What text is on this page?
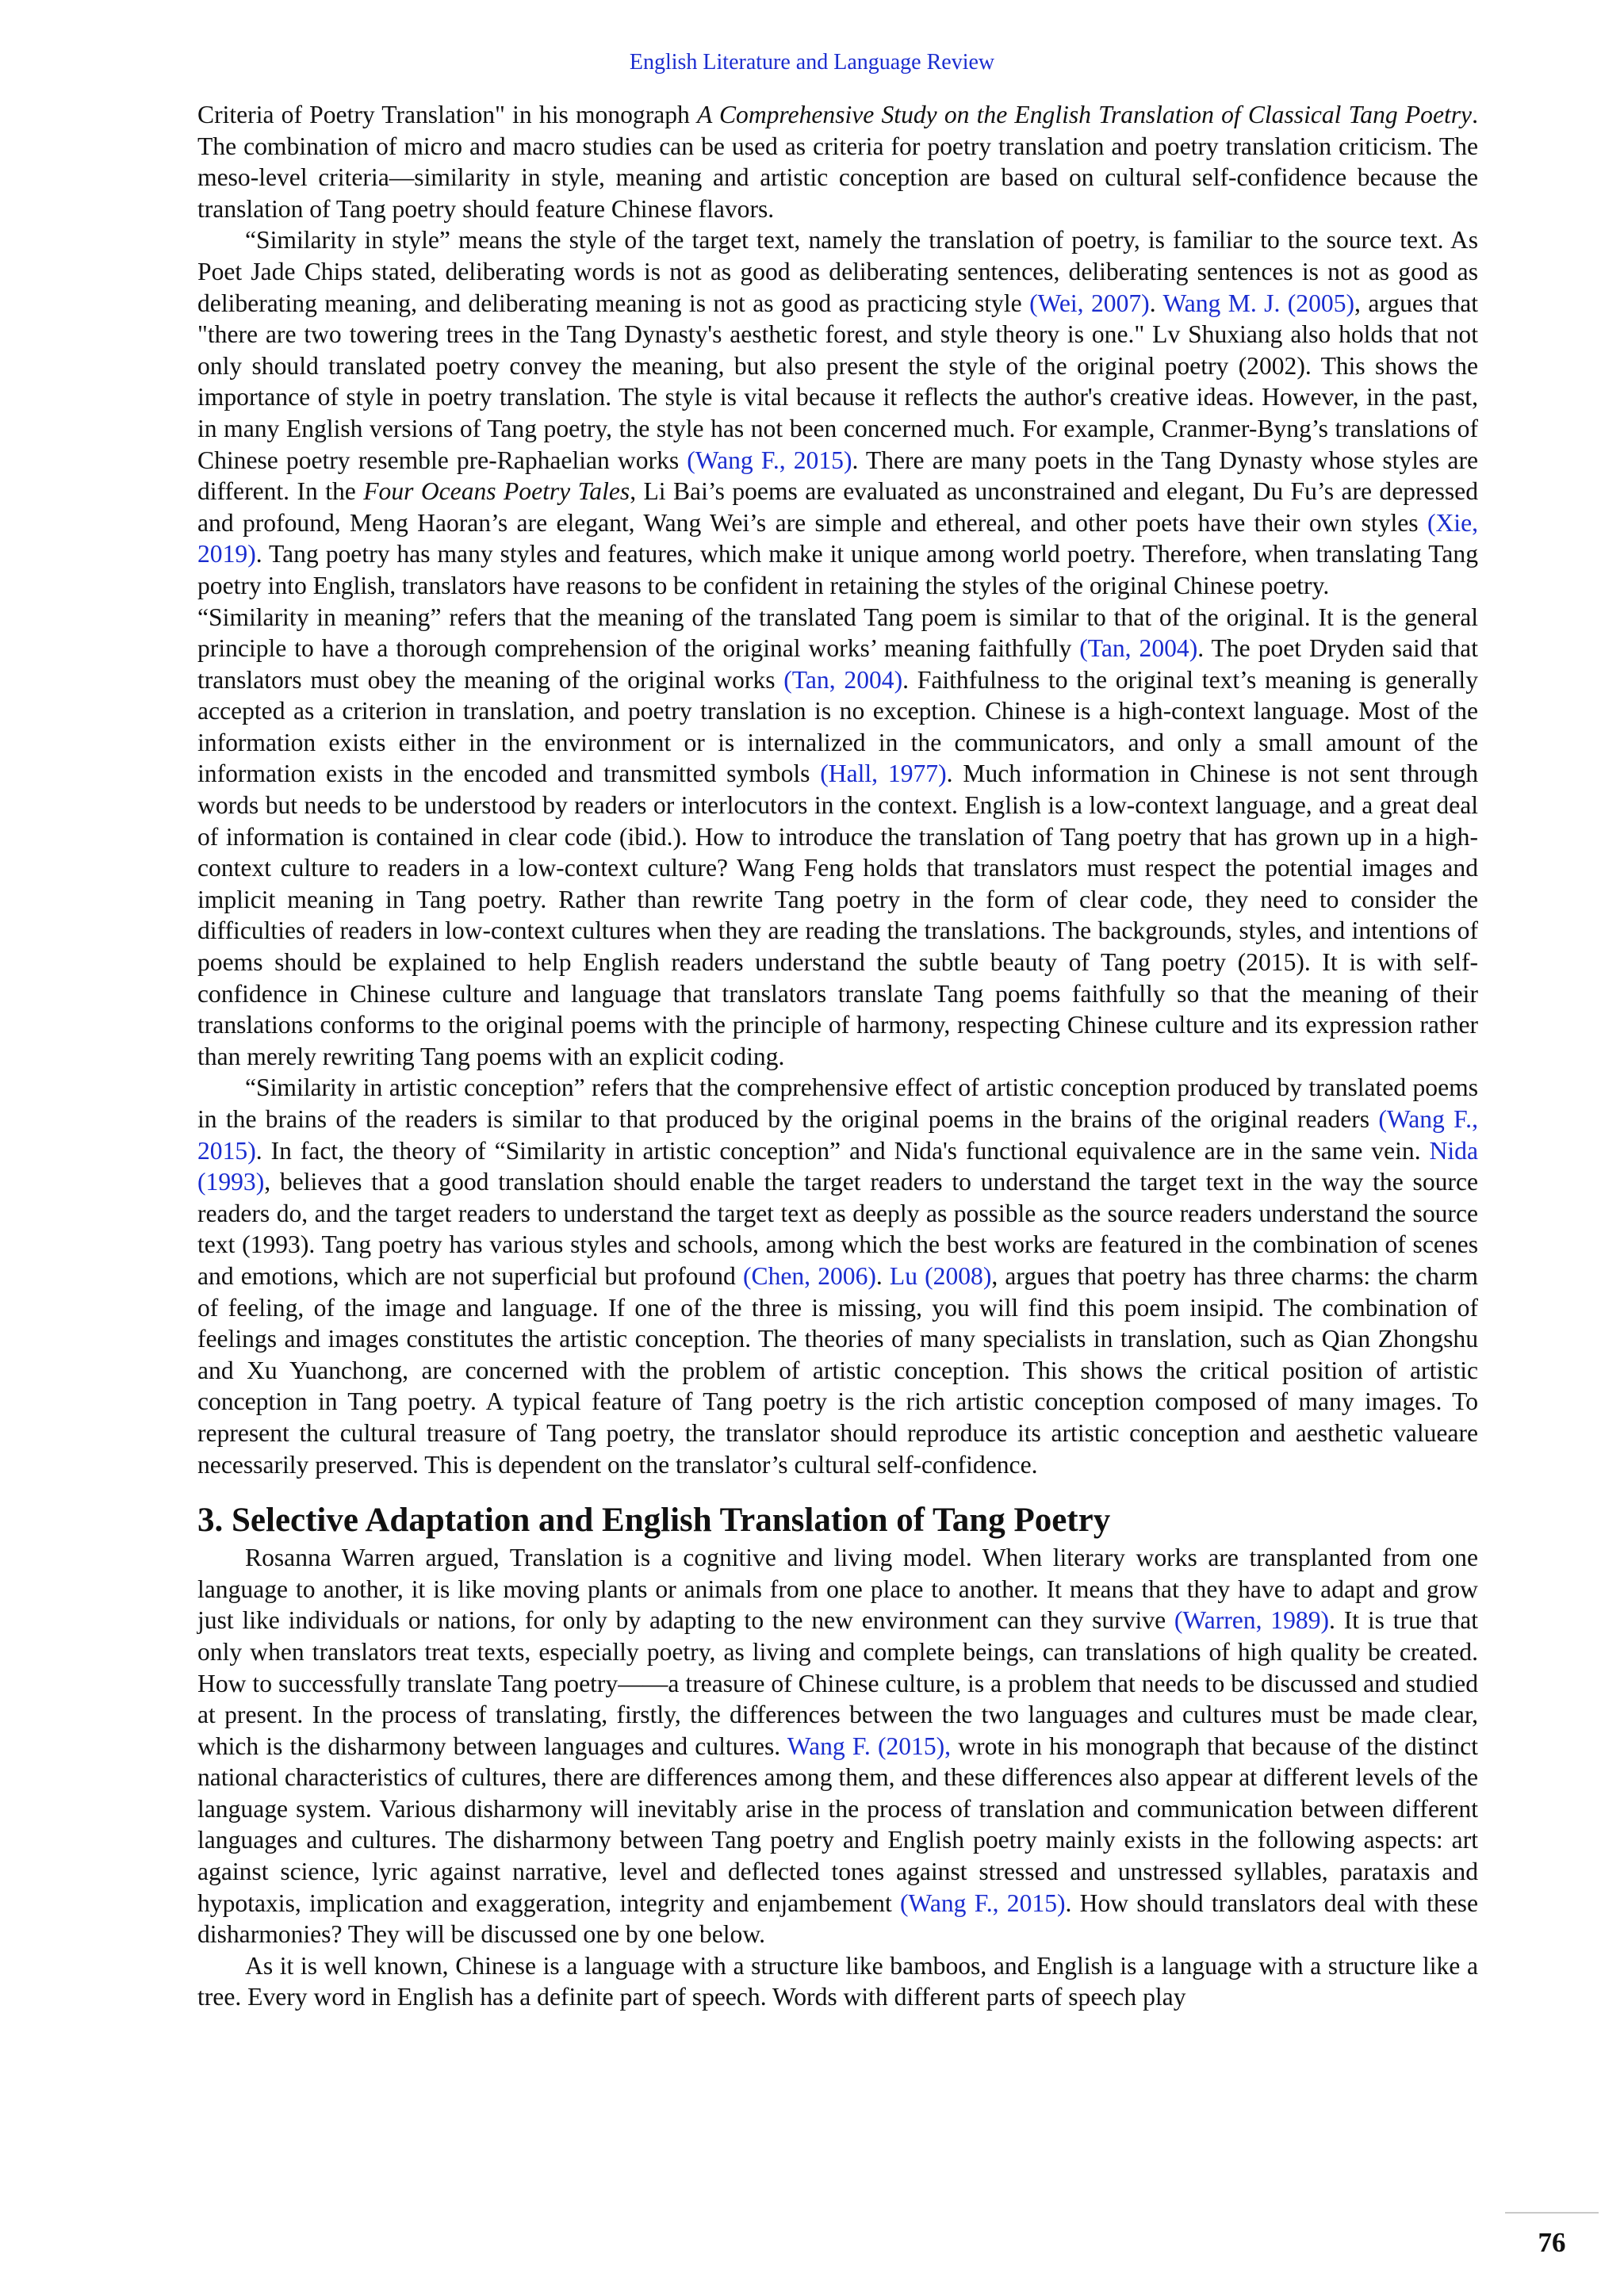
English Literature and Language Review

Criteria of Poetry Translation" in his monograph A Comprehensive Study on the English Translation of Classical Tang Poetry. The combination of micro and macro studies can be used as criteria for poetry translation and poetry translation criticism. The meso-level criteria—similarity in style, meaning and artistic conception are based on cultural self-confidence because the translation of Tang poetry should feature Chinese flavors.

“Similarity in style” means the style of the target text, namely the translation of poetry, is familiar to the source text. As Poet Jade Chips stated, deliberating words is not as good as deliberating sentences, deliberating sentences is not as good as deliberating meaning, and deliberating meaning is not as good as practicing style (Wei, 2007). Wang M. J. (2005), argues that "there are two towering trees in the Tang Dynasty's aesthetic forest, and style theory is one." Lv Shuxiang also holds that not only should translated poetry convey the meaning, but also present the style of the original poetry (2002). This shows the importance of style in poetry translation. The style is vital because it reflects the author's creative ideas. However, in the past, in many English versions of Tang poetry, the style has not been concerned much. For example, Cranmer-Byng’s translations of Chinese poetry resemble pre-Raphaelian works (Wang F., 2015). There are many poets in the Tang Dynasty whose styles are different. In the Four Oceans Poetry Tales, Li Bai’s poems are evaluated as unconstrained and elegant, Du Fu’s are depressed and profound, Meng Haoran’s are elegant, Wang Wei’s are simple and ethereal, and other poets have their own styles (Xie, 2019). Tang poetry has many styles and features, which make it unique among world poetry. Therefore, when translating Tang poetry into English, translators have reasons to be confident in retaining the styles of the original Chinese poetry.

“Similarity in meaning” refers that the meaning of the translated Tang poem is similar to that of the original. It is the general principle to have a thorough comprehension of the original works’ meaning faithfully (Tan, 2004). The poet Dryden said that translators must obey the meaning of the original works (Tan, 2004). Faithfulness to the original text’s meaning is generally accepted as a criterion in translation, and poetry translation is no exception. Chinese is a high-context language. Most of the information exists either in the environment or is internalized in the communicators, and only a small amount of the information exists in the encoded and transmitted symbols (Hall, 1977). Much information in Chinese is not sent through words but needs to be understood by readers or interlocutors in the context. English is a low-context language, and a great deal of information is contained in clear code (ibid.). How to introduce the translation of Tang poetry that has grown up in a high-context culture to readers in a low-context culture? Wang Feng holds that translators must respect the potential images and implicit meaning in Tang poetry. Rather than rewrite Tang poetry in the form of clear code, they need to consider the difficulties of readers in low-context cultures when they are reading the translations. The backgrounds, styles, and intentions of poems should be explained to help English readers understand the subtle beauty of Tang poetry (2015). It is with self-confidence in Chinese culture and language that translators translate Tang poems faithfully so that the meaning of their translations conforms to the original poems with the principle of harmony, respecting Chinese culture and its expression rather than merely rewriting Tang poems with an explicit coding.

“Similarity in artistic conception” refers that the comprehensive effect of artistic conception produced by translated poems in the brains of the readers is similar to that produced by the original poems in the brains of the original readers (Wang F., 2015). In fact, the theory of “Similarity in artistic conception” and Nida's functional equivalence are in the same vein. Nida (1993), believes that a good translation should enable the target readers to understand the target text in the way the source readers do, and the target readers to understand the target text as deeply as possible as the source readers understand the source text (1993). Tang poetry has various styles and schools, among which the best works are featured in the combination of scenes and emotions, which are not superficial but profound (Chen, 2006). Lu (2008), argues that poetry has three charms: the charm of feeling, of the image and language. If one of the three is missing, you will find this poem insipid. The combination of feelings and images constitutes the artistic conception. The theories of many specialists in translation, such as Qian Zhongshu and Xu Yuanchong, are concerned with the problem of artistic conception. This shows the critical position of artistic conception in Tang poetry. A typical feature of Tang poetry is the rich artistic conception composed of many images. To represent the cultural treasure of Tang poetry, the translator should reproduce its artistic conception and aesthetic valueare necessarily preserved. This is dependent on the translator’s cultural self-confidence.

3. Selective Adaptation and English Translation of Tang Poetry

Rosanna Warren argued, Translation is a cognitive and living model. When literary works are transplanted from one language to another, it is like moving plants or animals from one place to another. It means that they have to adapt and grow just like individuals or nations, for only by adapting to the new environment can they survive (Warren, 1989). It is true that only when translators treat texts, especially poetry, as living and complete beings, can translations of high quality be created. How to successfully translate Tang poetry——a treasure of Chinese culture, is a problem that needs to be discussed and studied at present. In the process of translating, firstly, the differences between the two languages and cultures must be made clear, which is the disharmony between languages and cultures. Wang F. (2015), wrote in his monograph that because of the distinct national characteristics of cultures, there are differences among them, and these differences also appear at different levels of the language system. Various disharmony will inevitably arise in the process of translation and communication between different languages and cultures. The disharmony between Tang poetry and English poetry mainly exists in the following aspects: art against science, lyric against narrative, level and deflected tones against stressed and unstressed syllables, parataxis and hypotaxis, implication and exaggeration, integrity and enjambement (Wang F., 2015). How should translators deal with these disharmonies? They will be discussed one by one below.

As it is well known, Chinese is a language with a structure like bamboos, and English is a language with a structure like a tree. Every word in English has a definite part of speech. Words with different parts of speech play

76
